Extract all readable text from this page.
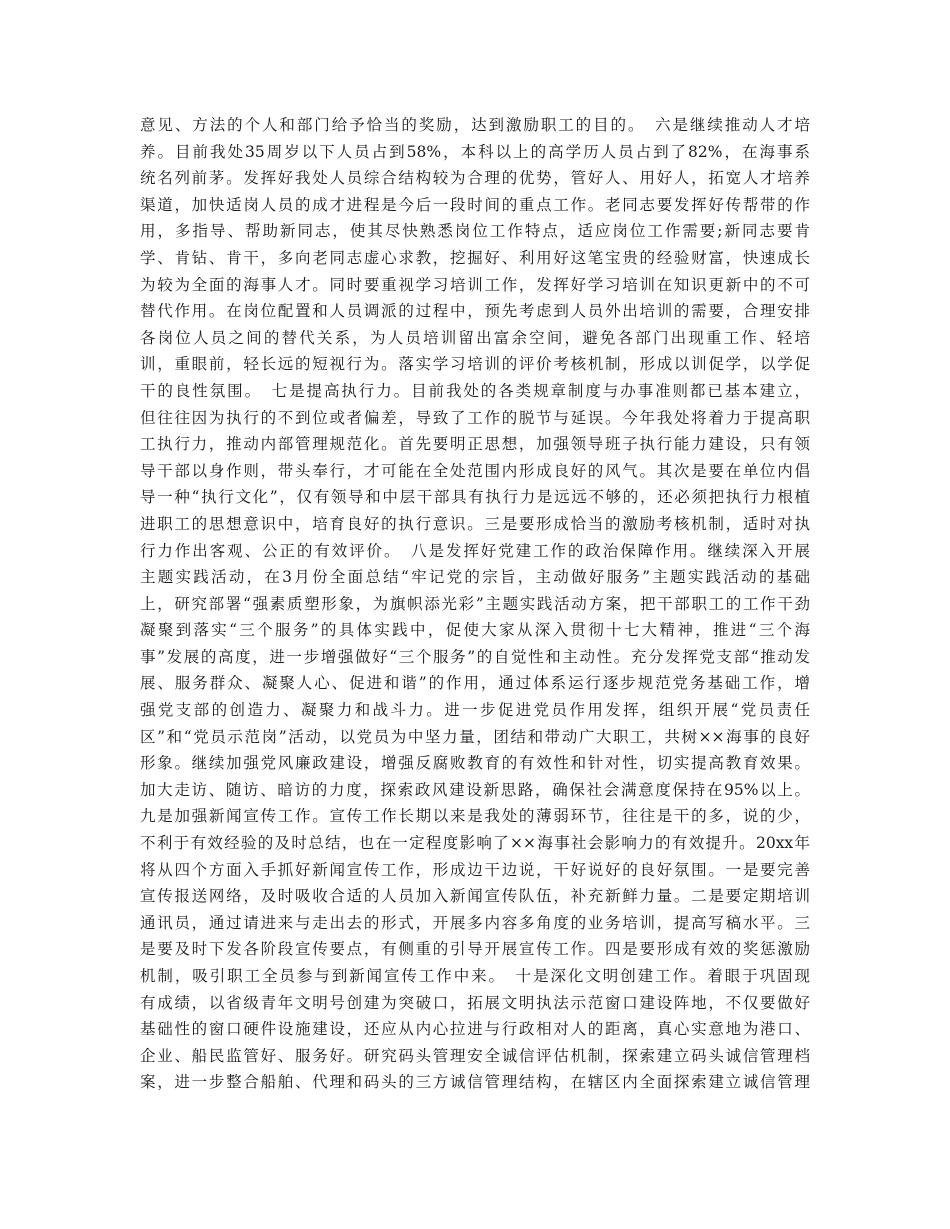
意见、方法的个人和部门给予恰当的奖励，达到激励职工的目的。　六是继续推动人才培
养。目前我处35周岁以下人员占到58%，本科以上的高学历人员占到了82%，在海事系
统名列前茅。发挥好我处人员综合结构较为合理的优势，管好人、用好人，拓宽人才培养
渠道，加快适岗人员的成才进程是今后一段时间的重点工作。老同志要发挥好传帮带的作
用，多指导、帮助新同志，使其尽快熟悉岗位工作特点，适应岗位工作需要;新同志要肯
学、肯钻、肯干，多向老同志虚心求教，挖掘好、利用好这笔宝贵的经验财富，快速成长
为较为全面的海事人才。同时要重视学习培训工作，发挥好学习培训在知识更新中的不可
替代作用。在岗位配置和人员调派的过程中，预先考虑到人员外出培训的需要，合理安排
各岗位人员之间的替代关系，为人员培训留出富余空间，避免各部门出现重工作、轻培
训，重眼前，轻长远的短视行为。落实学习培训的评价考核机制，形成以训促学，以学促
干的良性氛围。　七是提高执行力。目前我处的各类规章制度与办事准则都已基本建立，
但往往因为执行的不到位或者偏差，导致了工作的脱节与延误。今年我处将着力于提高职
工执行力，推动内部管理规范化。首先要明正思想，加强领导班子执行能力建设，只有领
导干部以身作则，带头奉行，才可能在全处范围内形成良好的风气。其次是要在单位内倡
导一种“执行文化”，仅有领导和中层干部具有执行力是远远不够的，还必须把执行力根植
进职工的思想意识中，培育良好的执行意识。三是要形成恰当的激励考核机制，适时对执
行力作出客观、公正的有效评价。　八是发挥好党建工作的政治保障作用。继续深入开展
主题实践活动，在3月份全面总结“牢记党的宗旨，主动做好服务”主题实践活动的基础
上，研究部署“强素质塑形象，为旗帜添光彩”主题实践活动方案，把干部职工的工作干劲
凝聚到落实“三个服务”的具体实践中，促使大家从深入贯彻十七大精神，推进“三个海
事”发展的高度，进一步增强做好“三个服务”的自觉性和主动性。充分发挥党支部“推动发
展、服务群众、凝聚人心、促进和谐”的作用，通过体系运行逐步规范党务基础工作，增
强党支部的创造力、凝聚力和战斗力。进一步促进党员作用发挥，组织开展“党员责任
区”和“党员示范岗”活动，以党员为中坚力量，团结和带动广大职工，共树××海事的良好
形象。继续加强党风廉政建设，增强反腐败教育的有效性和针对性，切实提高教育效果。
加大走访、随访、暗访的力度，探索政风建设新思路，确保社会满意度保持在95%以上。
九是加强新闻宣传工作。宣传工作长期以来是我处的薄弱环节，往往是干的多，说的少，
不利于有效经验的及时总结，也在一定程度影响了××海事社会影响力的有效提升。20xx年
将从四个方面入手抓好新闻宣传工作，形成边干边说，干好说好的良好氛围。一是要完善
宣传报送网络，及时吸收合适的人员加入新闻宣传队伍，补充新鲜力量。二是要定期培训
通讯员，通过请进来与走出去的形式，开展多内容多角度的业务培训，提高写稿水平。三
是要及时下发各阶段宣传要点，有侧重的引导开展宣传工作。四是要形成有效的奖惩激励
机制，吸引职工全员参与到新闻宣传工作中来。　十是深化文明创建工作。着眼于巩固现
有成绩，以省级青年文明号创建为突破口，拓展文明执法示范窗口建设阵地，不仅要做好
基础性的窗口硬件设施建设，还应从内心拉进与行政相对人的距离，真心实意地为港口、
企业、船民监管好、服务好。研究码头管理安全诚信评估机制，探索建立码头诚信管理档
案，进一步整合船舶、代理和码头的三方诚信管理结构，在辖区内全面探索建立诚信管理
